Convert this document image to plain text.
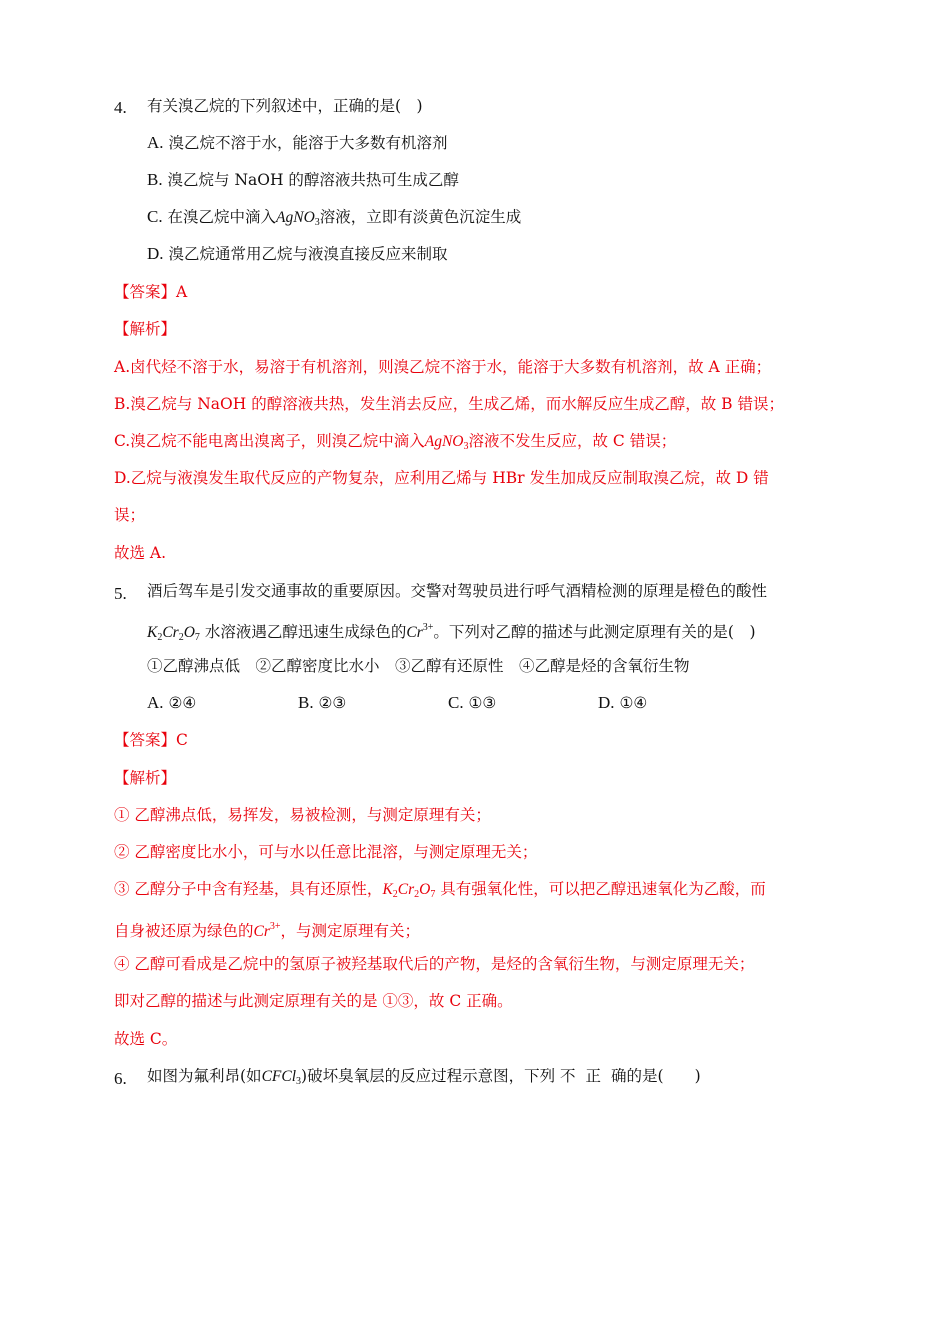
4. 有关溴乙烷的下列叙述中，正确的是(　)
A. 溴乙烷不溶于水，能溶于大多数有机溶剂
B. 溴乙烷与 NaOH 的醇溶液共热可生成乙醇
C. 在溴乙烷中滴入AgNO$_3$溶液，立即有淡黄色沉淀生成
D. 溴乙烷通常用乙烷与液溴直接反应来制取
【答案】A
【解析】
A.卤代烃不溶于水，易溶于有机溶剂，则溴乙烷不溶于水，能溶于大多数有机溶剂，故 A 正确；
B.溴乙烷与 NaOH 的醇溶液共热，发生消去反应，生成乙烯，而水解反应生成乙醇，故 B 错误；
C.溴乙烷不能电离出溴离子，则溴乙烷中滴入AgNO$_3$溶液不发生反应，故 C 错误；
D.乙烷与液溴发生取代反应的产物复杂，应利用乙烯与 HBr 发生加成反应制取溴乙烷，故 D 错
误；
故选 A.
5. 酒后驾车是引发交通事故的重要原因。交警对驾驶员进行呼气酒精检测的原理是橙色的酸性
$K_2Cr_2O_7$ 水溶液遇乙醇迅速生成绿色的$Cr^{3+}$。下列对乙醇的描述与此测定原理有关的是(　)
①乙醇沸点低　②乙醇密度比水小　③乙醇有还原性　④乙醇是烃的含氧衍生物
A. ②④	B. ②③	C. ①③	D. ①④
【答案】C
【解析】
① 乙醇沸点低，易挥发，易被检测，与测定原理有关；
② 乙醇密度比水小，可与水以任意比混溶，与测定原理无关；
③ 乙醇分子中含有羟基，具有还原性，$K_2Cr_2O_7$ 具有强氧化性，可以把乙醇迅速氧化为乙酸，而
自身被还原为绿色的$Cr^{3+}$，与测定原理有关；
④ 乙醇可看成是乙烷中的氢原子被羟基取代后的产物，是烃的含氧衍生物，与测定原理无关；
即对乙醇的描述与此测定原理有关的是 ①③，故 C 正确。
故选 C。
6. 如图为氟利昂(如CFCl$_3$)破坏臭氧层的反应过程示意图，下列 不正确的是(　　)
